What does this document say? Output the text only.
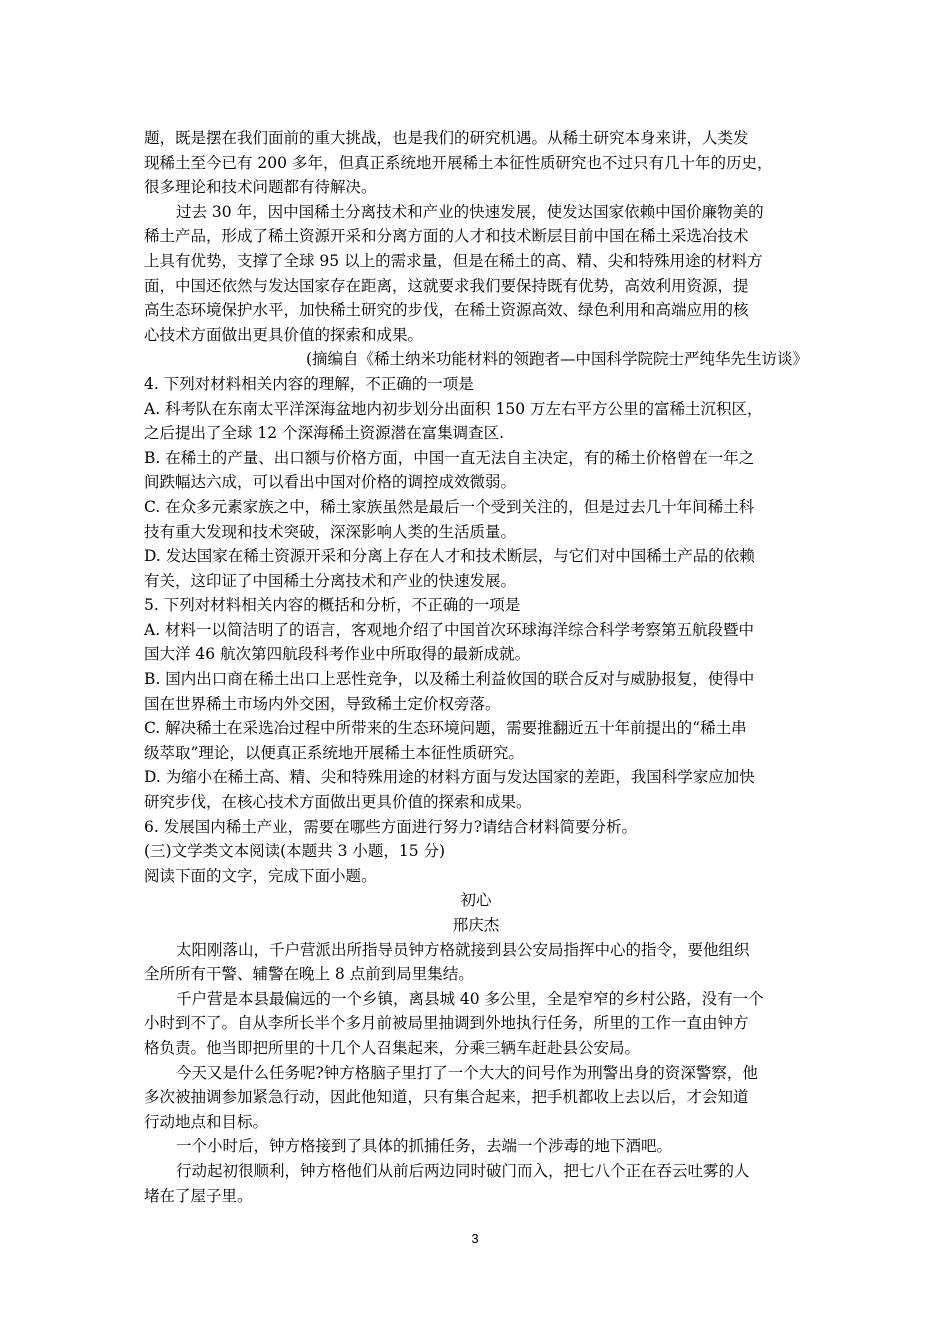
题，既是摆在我们面前的重大挑战，也是我们的研究机遇。从稀土研究本身来讲，人类发
现稀土至今已有 200 多年，但真正系统地开展稀土本征性质研究也不过只有几十年的历史，
很多理论和技术问题都有待解决。
过去 30 年，因中国稀土分离技术和产业的快速发展，使发达国家依赖中国价廉物美的
稀土产品，形成了稀土资源开采和分离方面的人才和技术断层目前中国在稀土采选冶技术
上具有优势，支撑了全球 95 以上的需求量，但是在稀土的高、精、尖和特殊用途的材料方
面，中国还依然与发达国家存在距离，这就要求我们要保持既有优势，高效利用资源，提
高生态环境保护水平，加快稀土研究的步伐，在稀土资源高效、绿色利用和高端应用的核
心技术方面做出更具价值的探索和成果。
(摘编自《稀土纳米功能材料的领跑者—中国科学院院士严纯华先生访谈》
4. 下列对材料相关内容的理解，不正确的一项是
A. 科考队在东南太平洋深海盆地内初步划分出面积 150 万左右平方公里的富稀土沉积区，
之后提出了全球 12 个深海稀土资源潜在富集调查区.
B. 在稀土的产量、出口额与价格方面，中国一直无法自主决定，有的稀土价格曾在一年之
间跌幅达六成，可以看出中国对价格的调控成效微弱。
C. 在众多元素家族之中，稀土家族虽然是最后一个受到关注的，但是过去几十年间稀土科
技有重大发现和技术突破，深深影响人类的生活质量。
D. 发达国家在稀土资源开采和分离上存在人才和技术断层，与它们对中国稀土产品的依赖
有关，这印证了中国稀土分离技术和产业的快速发展。
5. 下列对材料相关内容的概括和分析，不正确的一项是
A. 材料一以简洁明了的语言，客观地介绍了中国首次环球海洋综合科学考察第五航段暨中
国大洋 46 航次第四航段科考作业中所取得的最新成就。
B. 国内出口商在稀土出口上恶性竞争，以及稀土利益攸国的联合反对与威胁报复，使得中
国在世界稀土市场内外交困，导致稀土定价权旁落。
C. 解决稀土在采选冶过程中所带来的生态环境问题，需要推翻近五十年前提出的“稀土串
级萃取”理论，以便真正系统地开展稀土本征性质研究。
D. 为缩小在稀土高、精、尖和特殊用途的材料方面与发达国家的差距，我国科学家应加快
研究步伐，在核心技术方面做出更具价值的探索和成果。
6. 发展国内稀土产业，需要在哪些方面进行努力?请结合材料简要分析。
(三)文学类文本阅读(本题共 3 小题，15 分)
阅读下面的文字，完成下面小题。
初心
邢庆杰
太阳刚落山，千户营派出所指导员钟方格就接到县公安局指挥中心的指令，要他组织
全所所有干警、辅警在晚上 8 点前到局里集结。
千户营是本县最偏远的一个乡镇，离县城 40 多公里，全是窄窄的乡村公路，没有一个
小时到不了。自从李所长半个多月前被局里抽调到外地执行任务，所里的工作一直由钟方
格负责。他当即把所里的十几个人召集起来，分乘三辆车赶赴县公安局。
今天又是什么任务呢?钟方格脑子里打了一个大大的问号作为刑警出身的资深警察，他
多次被抽调参加紧急行动，因此他知道，只有集合起来，把手机都收上去以后，才会知道
行动地点和目标。
一个小时后，钟方格接到了具体的抓捕任务，去端一个涉毒的地下酒吧。
行动起初很顺利，钟方格他们从前后两边同时破门而入，把七八个正在吞云吐雾的人
堵在了屋子里。
3
